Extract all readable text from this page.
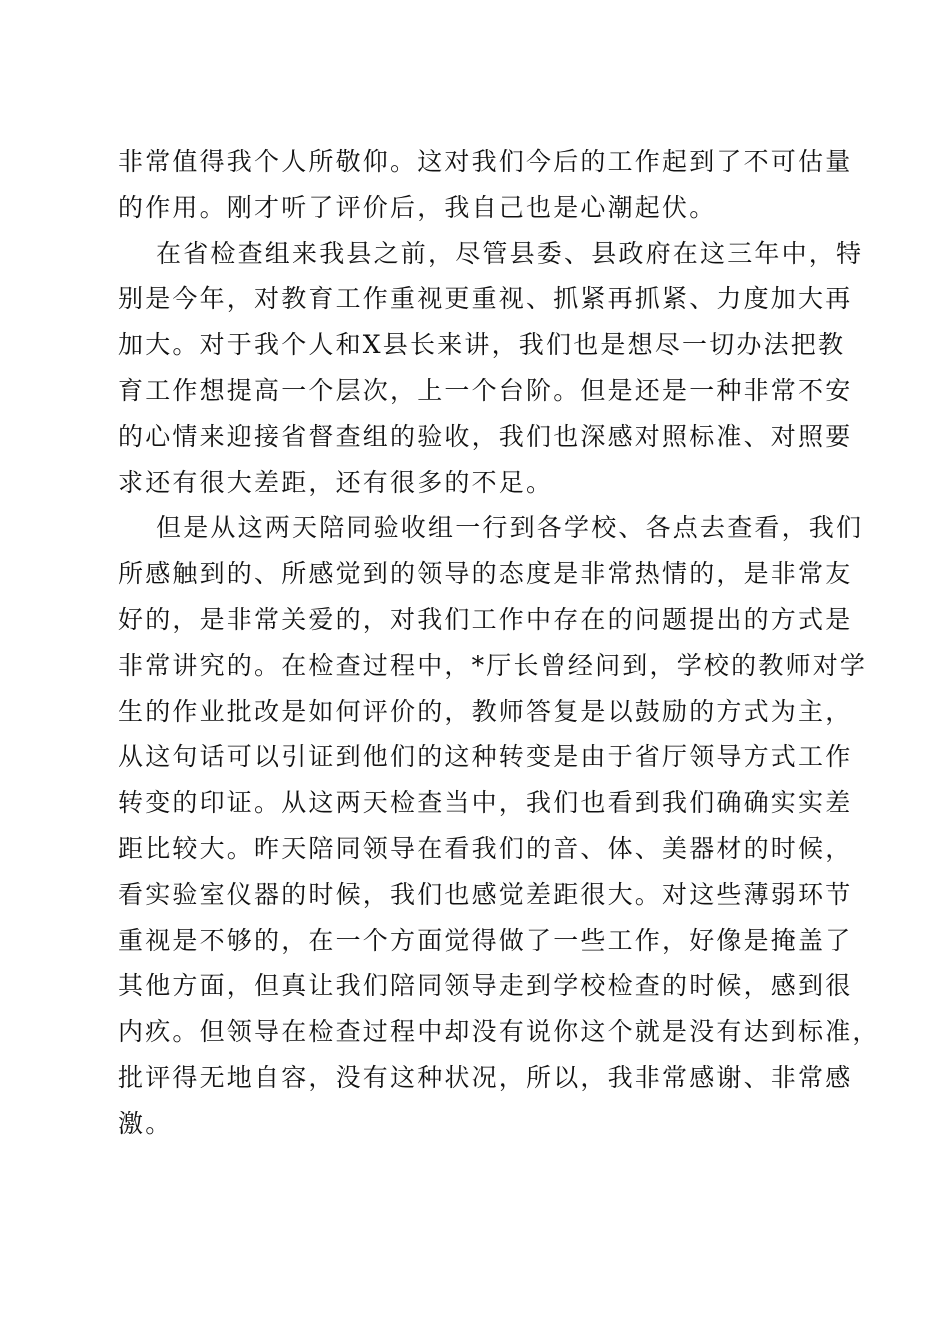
非常值得我个人所敬仰。这对我们今后的工作起到了不可估量
的作用。刚才听了评价后，我自己也是心潮起伏。
在省检查组来我县之前，尽管县委、县政府在这三年中，特
别是今年，对教育工作重视更重视、抓紧再抓紧、力度加大再
加大。对于我个人和X县长来讲，我们也是想尽一切办法把教
育工作想提高一个层次，上一个台阶。但是还是一种非常不安
的心情来迎接省督查组的验收，我们也深感对照标准、对照要
求还有很大差距，还有很多的不足。
但是从这两天陪同验收组一行到各学校、各点去查看，我们
所感触到的、所感觉到的领导的态度是非常热情的，是非常友
好的，是非常关爱的，对我们工作中存在的问题提出的方式是
非常讲究的。在检查过程中，*厅长曾经问到，学校的教师对学
生的作业批改是如何评价的，教师答复是以鼓励的方式为主，
从这句话可以引证到他们的这种转变是由于省厅领导方式工作
转变的印证。从这两天检查当中，我们也看到我们确确实实差
距比较大。昨天陪同领导在看我们的音、体、美器材的时候，
看实验室仪器的时候，我们也感觉差距很大。对这些薄弱环节
重视是不够的，在一个方面觉得做了一些工作，好像是掩盖了
其他方面，但真让我们陪同领导走到学校检查的时候，感到很
内疚。但领导在检查过程中却没有说你这个就是没有达到标准，
批评得无地自容，没有这种状况，所以，我非常感谢、非常感
激。
